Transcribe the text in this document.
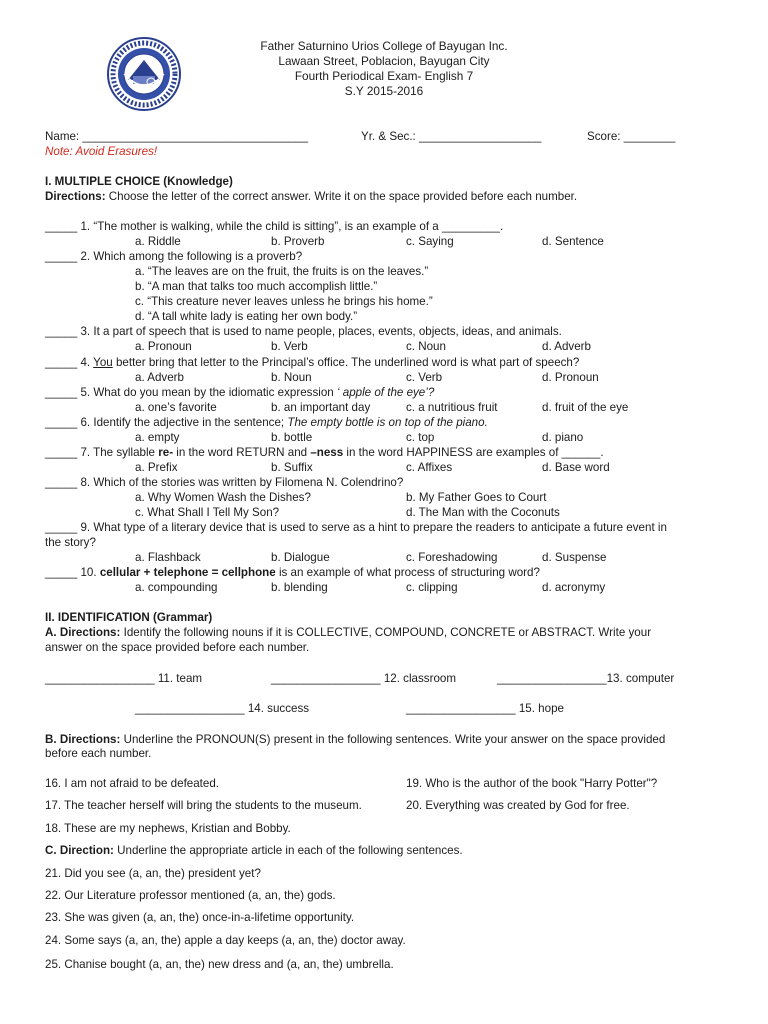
Father Saturnino Urios College of Bayugan Inc.
Lawaan Street, Poblacion, Bayugan City
Fourth Periodical Exam- English 7
S.Y 2015-2016
Name: ___________________________________	Yr. & Sec.: ___________________	Score: ________
Note: Avoid Erasures!
I. MULTIPLE CHOICE (Knowledge)
Directions: Choose the letter of the correct answer. Write it on the space provided before each number.
_____ 1. “The mother is walking, while the child is sitting”, is an example of a _________.
a. Riddle	b. Proverb	c. Saying	d. Sentence
_____ 2. Which among the following is a proverb?
a. “The leaves are on the fruit, the fruits is on the leaves.”
b. “A man that talks too much accomplish little.”
c. “This creature never leaves unless he brings his home.”
d. “A tall white lady is eating her own body.”
_____ 3. It a part of speech that is used to name people, places, events, objects, ideas, and animals.
a. Pronoun	b. Verb	c. Noun	d. Adverb
_____ 4. You better bring that letter to the Principal’s office. The underlined word is what part of speech?
a. Adverb	b. Noun	c. Verb	d. Pronoun
_____ 5. What do you mean by the idiomatic expression ‘ apple of the eye’?
a. one’s favorite	b. an important day	c. a nutritious fruit	d. fruit of the eye
_____ 6. Identify the adjective in the sentence; The empty bottle is on top of the piano.
a. empty	b. bottle	c. top	d. piano
_____ 7. The syllable re- in the word RETURN and –ness in the word HAPPINESS are examples of ______.
a. Prefix	b. Suffix	c. Affixes	d. Base word
_____ 8. Which of the stories was written by Filomena N. Colendrino?
a. Why Women Wash the Dishes?	b. My Father Goes to Court
c. What Shall I Tell My Son?	d. The Man with the Coconuts
_____ 9. What type of a literary device that is used to serve as a hint to prepare the readers to anticipate a future event in
the story?
a. Flashback	b. Dialogue	c. Foreshadowing	d. Suspense
_____ 10. cellular + telephone = cellphone is an example of what process of structuring word?
a. compounding	b. blending	c. clipping	d. acronymy
II. IDENTIFICATION (Grammar)
A. Directions: Identify the following nouns if it is COLLECTIVE, COMPOUND, CONCRETE or ABSTRACT. Write your
answer on the space provided before each number.
_________________ 11. team	_________________ 12. classroom	_________________13. computer
_________________ 14. success	_________________ 15. hope
B. Directions: Underline the PRONOUN(S) present in the following sentences. Write your answer on the space provided
before each number.
16. I am not afraid to be defeated.	19. Who is the author of the book "Harry Potter"?
17. The teacher herself will bring the students to the museum.	20. Everything was created by God for free.
18. These are my nephews, Kristian and Bobby.
C. Direction: Underline the appropriate article in each of the following sentences.
21. Did you see (a, an, the) president yet?
22. Our Literature professor mentioned (a, an, the) gods.
23. She was given (a, an, the) once-in-a-lifetime opportunity.
24. Some says (a, an, the) apple a day keeps (a, an, the) doctor away.
25. Chanise bought (a, an, the) new dress and (a, an, the) umbrella.
